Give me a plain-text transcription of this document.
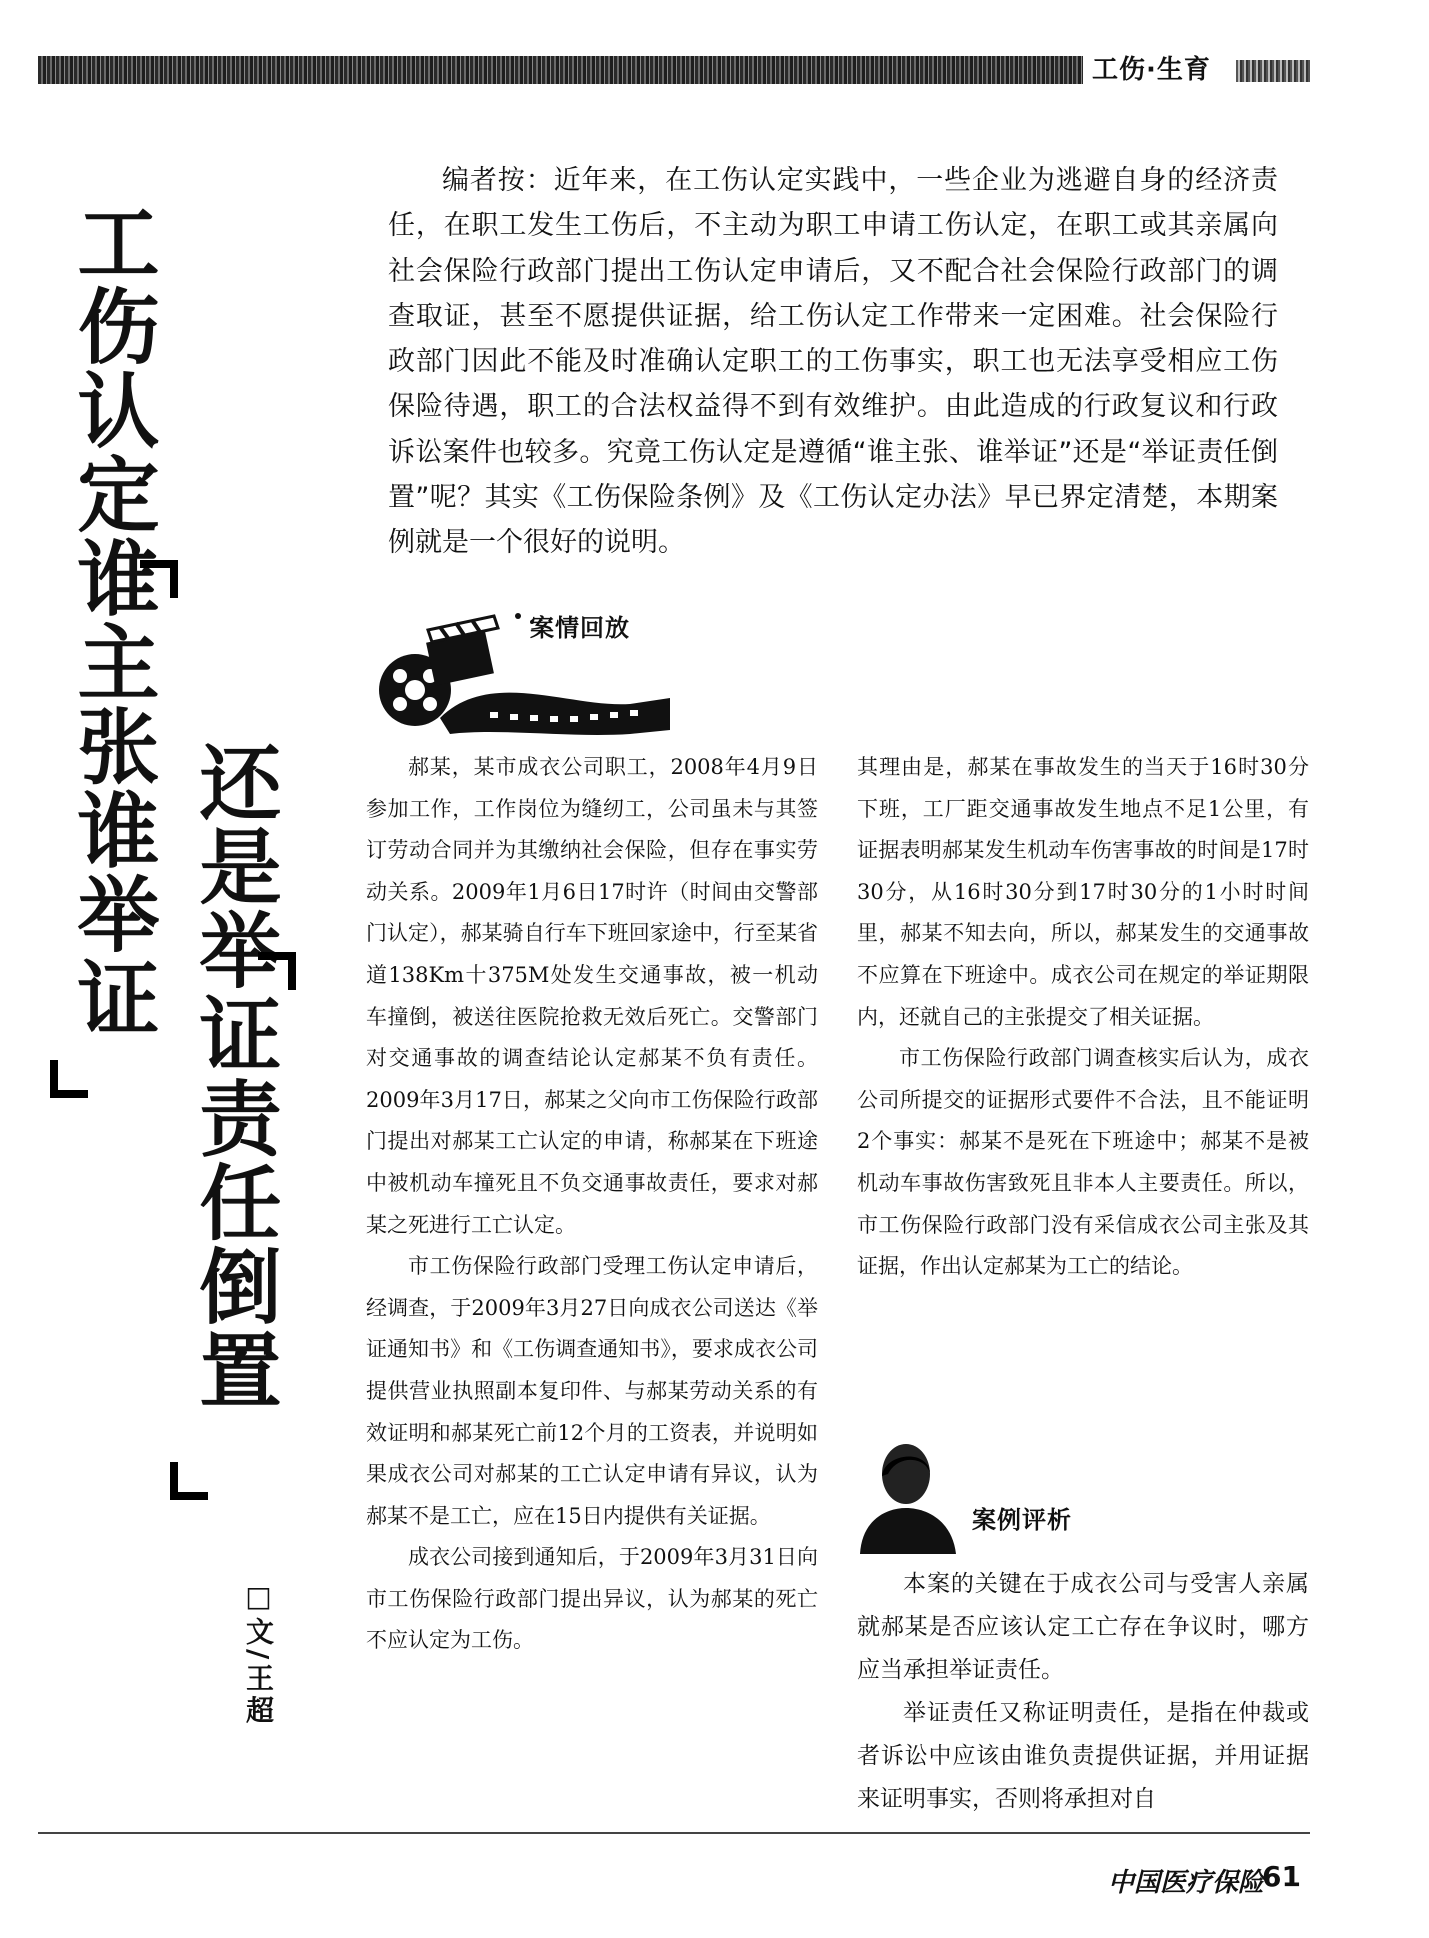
工伤·生育
工伤认定谁主张谁举证
还是举证责任倒置
□文/王超

编者按：近年来，在工伤认定实践中，一些企业为逃避自身的经济责任，在职工发生工伤后，不主动为职工申请工伤认定，在职工或其亲属向社会保险行政部门提出工伤认定申请后，又不配合社会保险行政部门的调查取证，甚至不愿提供证据，给工伤认定工作带来一定困难。社会保险行政部门因此不能及时准确认定职工的工伤事实，职工也无法享受相应工伤保险待遇，职工的合法权益得不到有效维护。由此造成的行政复议和行政诉讼案件也较多。究竟工伤认定是遵循“谁主张、谁举证”还是“举证责任倒置”呢？其实《工伤保险条例》及《工伤认定办法》早已界定清楚，本期案例就是一个很好的说明。

案情回放

郝某，某市成衣公司职工，2008年4月9日参加工作，工作岗位为缝纫工，公司虽未与其签订劳动合同并为其缴纳社会保险，但存在事实劳动关系。2009年1月6日17时许（时间由交警部门认定），郝某骑自行车下班回家途中，行至某省道138Km十375M处发生交通事故，被一机动车撞倒，被送往医院抢救无效后死亡。交警部门对交通事故的调查结论认定郝某不负有责任。2009年3月17日，郝某之父向市工伤保险行政部门提出对郝某工亡认定的申请，称郝某在下班途中被机动车撞死且不负交通事故责任，要求对郝某之死进行工亡认定。

市工伤保险行政部门受理工伤认定申请后，经调查，于2009年3月27日向成衣公司送达《举证通知书》和《工伤调查通知书》，要求成衣公司提供营业执照副本复印件、与郝某劳动关系的有效证明和郝某死亡前12个月的工资表，并说明如果成衣公司对郝某的工亡认定申请有异议，认为郝某不是工亡，应在15日内提供有关证据。

成衣公司接到通知后，于2009年3月31日向市工伤保险行政部门提出异议，认为郝某的死亡不应认定为工伤。

其理由是，郝某在事故发生的当天于16时30分下班，工厂距交通事故发生地点不足1公里，有证据表明郝某发生机动车伤害事故的时间是17时30分，从16时30分到17时30分的1小时时间里，郝某不知去向，所以，郝某发生的交通事故不应算在下班途中。成衣公司在规定的举证期限内，还就自己的主张提交了相关证据。

市工伤保险行政部门调查核实后认为，成衣公司所提交的证据形式要件不合法，且不能证明2个事实：郝某不是死在下班途中；郝某不是被机动车事故伤害致死且非本人主要责任。所以，市工伤保险行政部门没有采信成衣公司主张及其证据，作出认定郝某为工亡的结论。

案例评析

本案的关键在于成衣公司与受害人亲属就郝某是否应该认定工亡存在争议时，哪方应当承担举证责任。

举证责任又称证明责任，是指在仲裁或者诉讼中应该由谁负责提供证据，并用证据来证明事实，否则将承担对自

中国医疗保险
61
